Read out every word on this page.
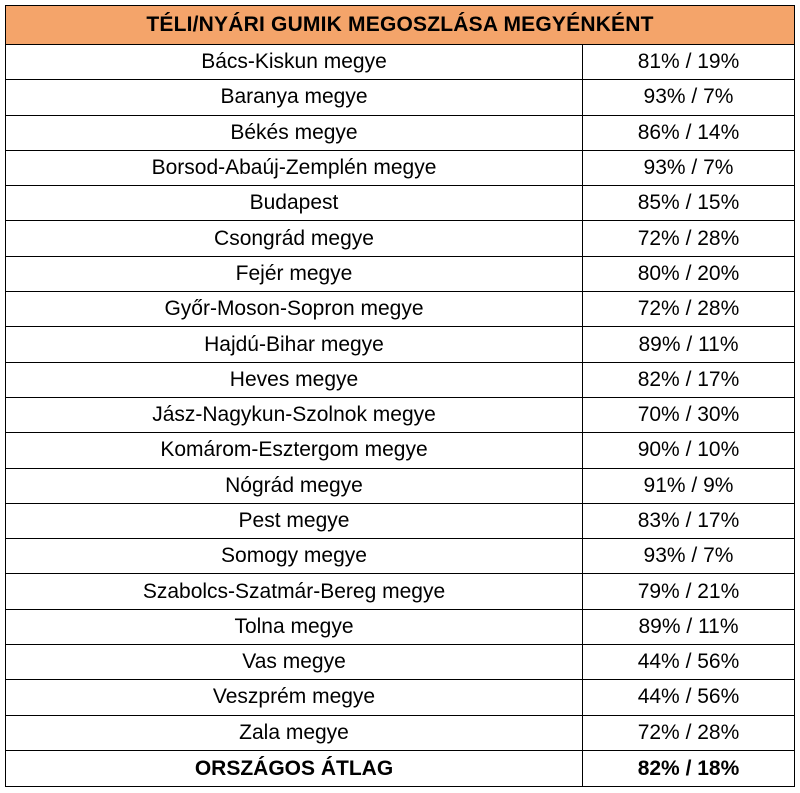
TÉLI/NYÁRI GUMIK MEGOSZLÁSA MEGYÉNKÉNT
Bács-Kiskun megye	81% / 19%
Baranya megye	93% / 7%
Békés megye	86% / 14%
Borsod-Abaúj-Zemplén megye	93% / 7%
Budapest	85% / 15%
Csongrád megye	72% / 28%
Fejér megye	80% / 20%
Győr-Moson-Sopron megye	72% / 28%
Hajdú-Bihar megye	89% / 11%
Heves megye	82% / 17%
Jász-Nagykun-Szolnok megye	70% / 30%
Komárom-Esztergom megye	90% / 10%
Nógrád megye	91% / 9%
Pest megye	83% / 17%
Somogy megye	93% / 7%
Szabolcs-Szatmár-Bereg megye	79% / 21%
Tolna megye	89% / 11%
Vas megye	44% / 56%
Veszprém megye	44% / 56%
Zala megye	72% / 28%
ORSZÁGOS ÁTLAG	82% / 18%
